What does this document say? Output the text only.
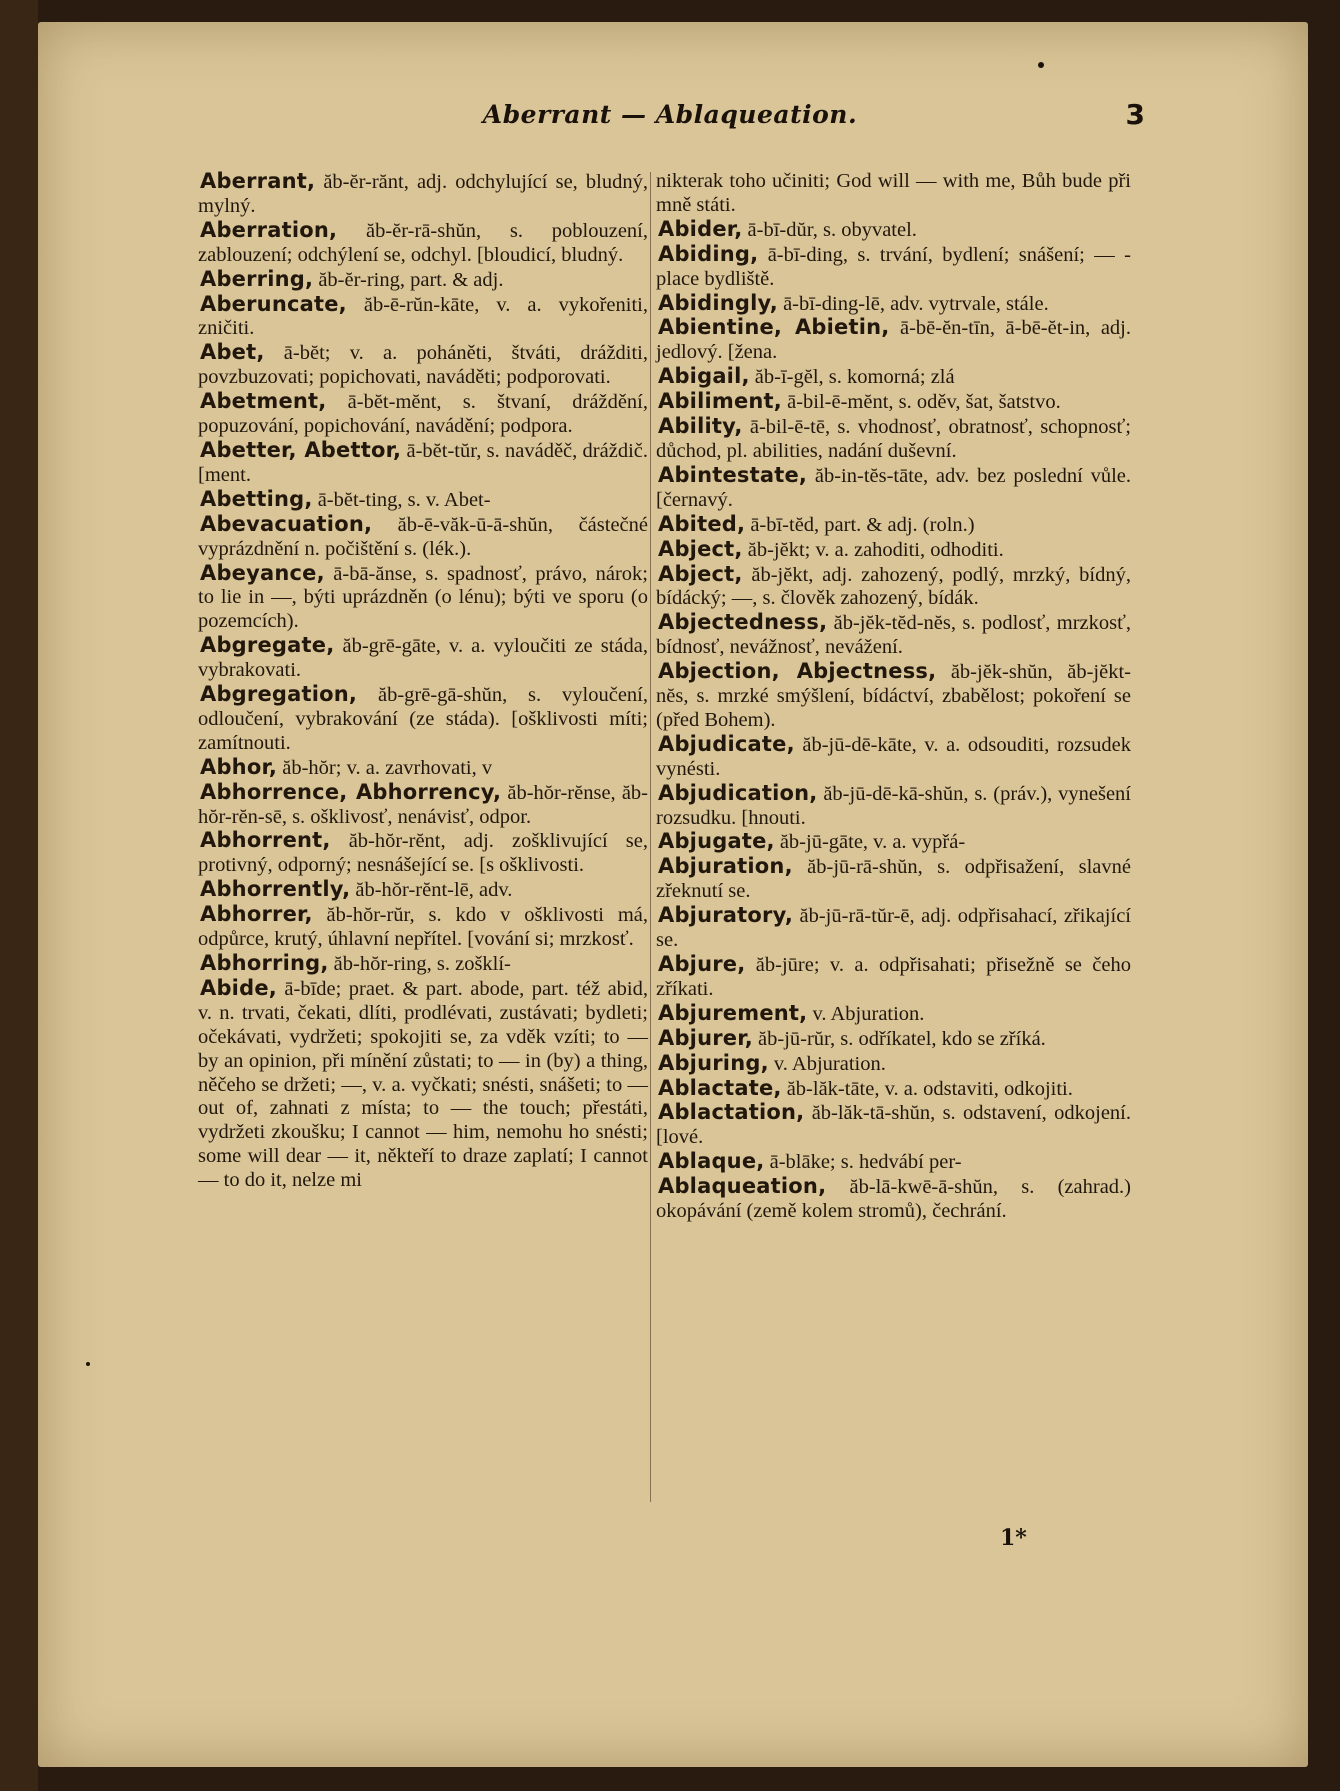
Aberrant — Ablaqueation.	3

Aberrant, ăb-ĕr-rănt, adj. odchylující se, bludný, mylný.

Aberration, ăb-ĕr-rā-shŭn, s. poblouzení, zablouzení; odchýlení se, odchyl. [bloudicí, bludný.

Aberring, ăb-ĕr-ring, part. & adj.

Aberuncate, ăb-ē-rŭn-kāte, v. a. vykořeniti, zničiti.

Abet, ā-bĕt; v. a. poháněti, štváti, drážditi, povzbuzovati; popichovati, naváděti; podporovati.

Abetment, ā-bĕt-mĕnt, s. štvaní, dráždění, popuzování, popichování, navádění; podpora.

Abetter, Abettor, ā-bĕt-tŭr, s. naváděč, dráždič. [ment.

Abetting, ā-bĕt-ting, s. v. Abet-

Abevacuation, ăb-ē-văk-ū-ā-shŭn, částečné vyprázdnění n. počištění s. (lék.).

Abeyance, ā-bā-ănse, s. spadnosť, právo, nárok; to lie in —, býti uprázdněn (o lénu); býti ve sporu (o pozemcích).

Abgregate, ăb-grē-gāte, v. a. vylоučiti ze stáda, vybrakovati.

Abgregation, ăb-grē-gā-shŭn, s. vyloučení, odloučení, vybrakování (ze stáda). [ošklivosti míti; zamítnouti.

Abhor, ăb-hŏr; v. a. zavrhovati, v

Abhorrence, Abhorrency, ăb-hŏr-rĕnse, ăb-hŏr-rĕn-sē, s. ošklivosť, nenávisť, odpor.

Abhorrent, ăb-hŏr-rĕnt, adj. zošklivující se, protivný, odporný; nesnášející se. [s ošklivosti.

Abhorrently, ăb-hŏr-rĕnt-lē, adv.

Abhorrer, ăb-hŏr-rŭr, s. kdo v ošklivosti má, odpůrce, krutý, úhlavní nepřítel. [vování si; mrzkosť.

Abhorring, ăb-hŏr-ring, s. zošklí-

Abide, ā-bīde; praet. & part. abode, part. též abid, v. n. trvati, čekati, dlíti, prodlévati, zustávati; bydleti; očekávati, vydržeti; spokojiti se, za vděk vzíti; to — by an opinion, při mínění zůstati; to — in (by) a thing, něčeho se držeti; —, v. a. vyčkati; snésti, snášeti; to — out of, zahnati z místa; to — the touch; přestáti, vydržeti zkoušku; I cannot — him, nemohu ho snésti; some will dear — it, někteří to draze zaplatí; I cannot — to do it, nelze mi

nikterak toho učiniti; God will — with me, Bůh bude při mně státi.

Abider, ā-bī-dŭr, s. obyvatel.

Abiding, ā-bī-ding, s. trvání, bydlení; snášení; — -place bydliště.

Abidingly, ā-bī-ding-lē, adv. vytrvale, stále.

Abientine, Abietin, ā-bē-ĕn-tīn, ā-bē-ĕt-in, adj. jedlový. [žena.

Abigail, ăb-ī-gĕl, s. komorná; zlá

Abiliment, ā-bil-ē-mĕnt, s. oděv, šat, šatstvo.

Ability, ā-bil-ē-tē, s. vhodnosť, obratnosť, schopnosť; důchod, pl. abilities, nadání duševní.

Abintestate, ăb-in-tĕs-tāte, adv. bez poslední vůle. [černavý.

Abited, ā-bī-tĕd, part. & adj. (roln.)

Abject, ăb-jĕkt; v. a. zahoditi, odhoditi.

Abject, ăb-jĕkt, adj. zahozený, podlý, mrzký, bídný, bídácký; —, s. člověk zahozený, bídák.

Abjectedness, ăb-jĕk-tĕd-nĕs, s. podlosť, mrzkosť, bídnosť, nevážnosť, nevážení.

Abjection, Abjectness, ăb-jĕk-shŭn, ăb-jĕkt-nĕs, s. mrzké smýšlení, bídáctví, zbabělost; pokoření se (před Bohem).

Abjudicate, ăb-jū-dē-kāte, v. a. odsouditi, rozsudek vynésti.

Abjudication, ăb-jū-dē-kā-shŭn, s. (práv.), vynešení rozsudku. [hnouti.

Abjugate, ăb-jū-gāte, v. a. vypřá-

Abjuration, ăb-jū-rā-shŭn, s. odpřisažení, slavné zřeknutí se.

Abjuratory, ăb-jū-rā-tŭr-ē, adj. odpřisahací, zřikající se.

Abjure, ăb-jūre; v. a. odpřisahati; přisežně se čeho zříkati.

Abjurement, v. Abjuration.

Abjurer, ăb-jū-rŭr, s. odříkatel, kdo se zříká.

Abjuring, v. Abjuration.

Ablactate, ăb-lăk-tāte, v. a. odstaviti, odkojiti.

Ablactation, ăb-lăk-tā-shŭn, s. odstavení, odkojení. [lové.

Ablaque, ā-blāke; s. hedvábí per-

Ablaqueation, ăb-lā-kwē-ā-shŭn, s. (zahrad.) okopávání (země kolem stromů), čechrání.

1*
